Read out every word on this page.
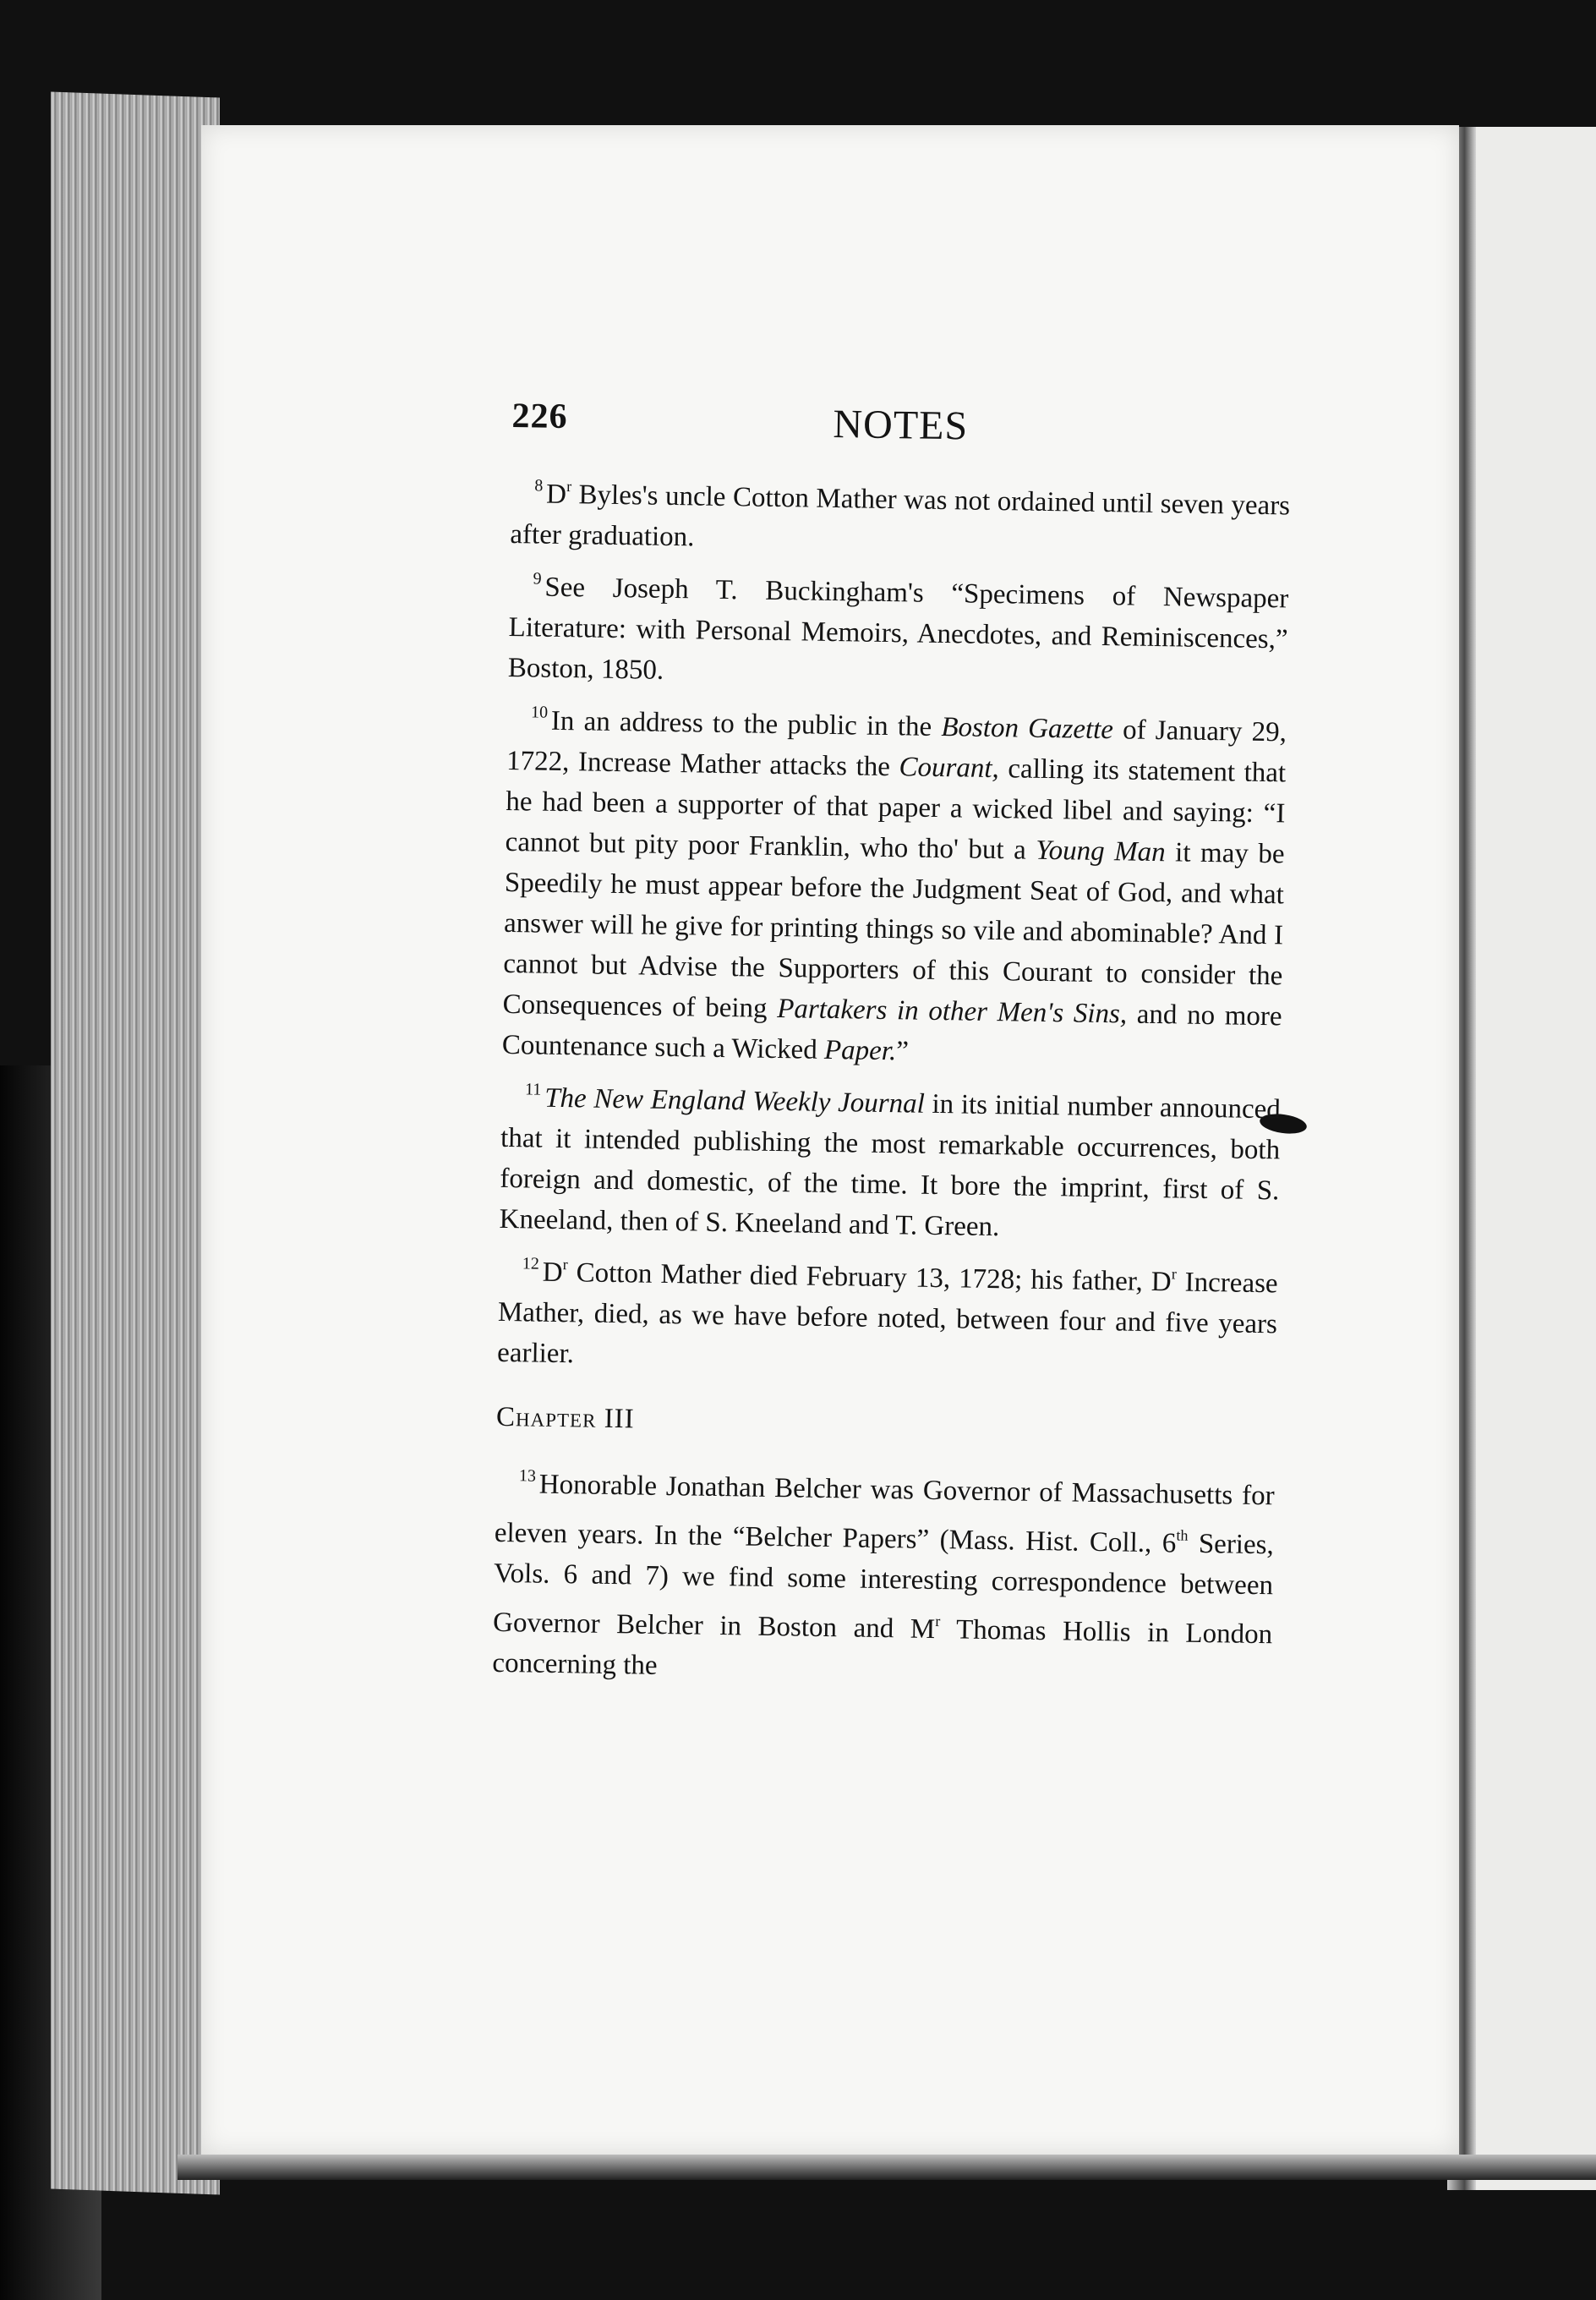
226	NOTES

$^8$ $D^r$ Byles's uncle Cotton Mather was not ordained until seven years after graduation.

$^9$ See Joseph T. Buckingham's “Specimens of Newspaper Literature: with Personal Memoirs, Anecdotes, and Reminiscences,” Boston, 1850.

$^{10}$ In an address to the public in the Boston Gazette of January 29, 1722, Increase Mather attacks the Courant, calling its statement that he had been a supporter of that paper a wicked libel and saying: “I cannot but pity poor Franklin, who tho' but a Young Man it may be Speedily he must appear before the Judgment Seat of God, and what answer will he give for printing things so vile and abominable? And I cannot but Advise the Supporters of this Courant to consider the Consequences of being Partakers in other Men's Sins, and no more Countenance such a Wicked Paper.”

$^{11}$ The New England Weekly Journal in its initial number announced that it intended publishing the most remarkable occurrences, both foreign and domestic, of the time. It bore the imprint, first of S. Kneeland, then of S. Kneeland and T. Green.

$^{12}$ $D^r$ Cotton Mather died February 13, 1728; his father, $D^r$ Increase Mather, died, as we have before noted, between four and five years earlier.

Chapter III

$^{13}$ Honorable Jonathan Belcher was Governor of Massachusetts for eleven years. In the “Belcher Papers” (Mass. Hist. Coll., 6th Series, Vols. 6 and 7) we find some interesting correspondence between Governor Belcher in Boston and $M^r$ Thomas Hollis in London concerning the
